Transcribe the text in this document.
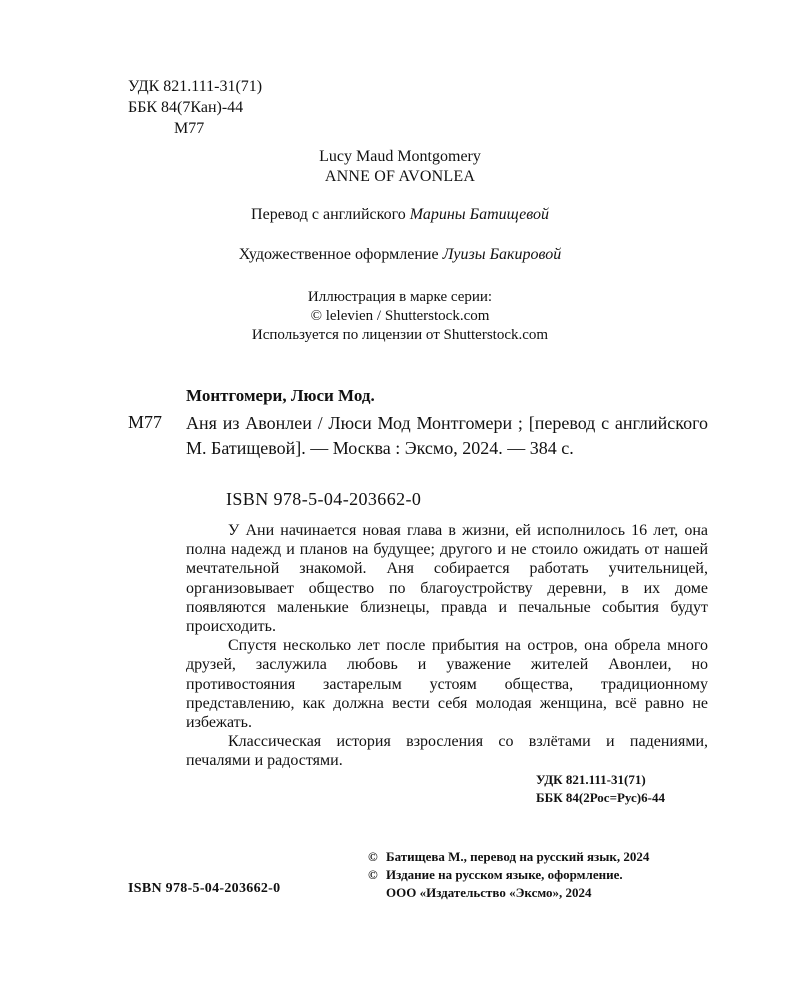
УДК 821.111-31(71)
ББК 84(7Кан)-44
М77
Lucy Maud Montgomery
ANNE OF AVONLEA
Перевод с английского Марины Батищевой
Художественное оформление Луизы Бакировой
Иллюстрация в марке серии:
© lelevien / Shutterstock.com
Используется по лицензии от Shutterstock.com
Монтгомери, Люси Мод.
М77 Аня из Авонлеи / Люси Мод Монтгомери ; [перевод с английского М. Батищевой]. — Москва : Эксмо, 2024. — 384 с.
ISBN 978-5-04-203662-0

У Ани начинается новая глава в жизни, ей исполнилось 16 лет, она полна надежд и планов на будущее; другого и не стоило ожидать от нашей мечтательной знакомой. Аня собирается работать учительницей, организовывает общество по благоустройству деревни, в их доме появляются маленькие близнецы, правда и печальные события будут происходить.

Спустя несколько лет после прибытия на остров, она обрела много друзей, заслужила любовь и уважение жителей Авонлеи, но противостояния застарелым устоям общества, традиционному представлению, как должна вести себя молодая женщина, всё равно не избежать.

Классическая история взросления со взлётами и падениями, печалями и радостями.

УДК 821.111-31(71)
ББК 84(2Рос=Рус)6-44
© Батищева М., перевод на русский язык, 2024
© Издание на русском языке, оформление.
ООО «Издательство «Эксмо», 2024
ISBN 978-5-04-203662-0
